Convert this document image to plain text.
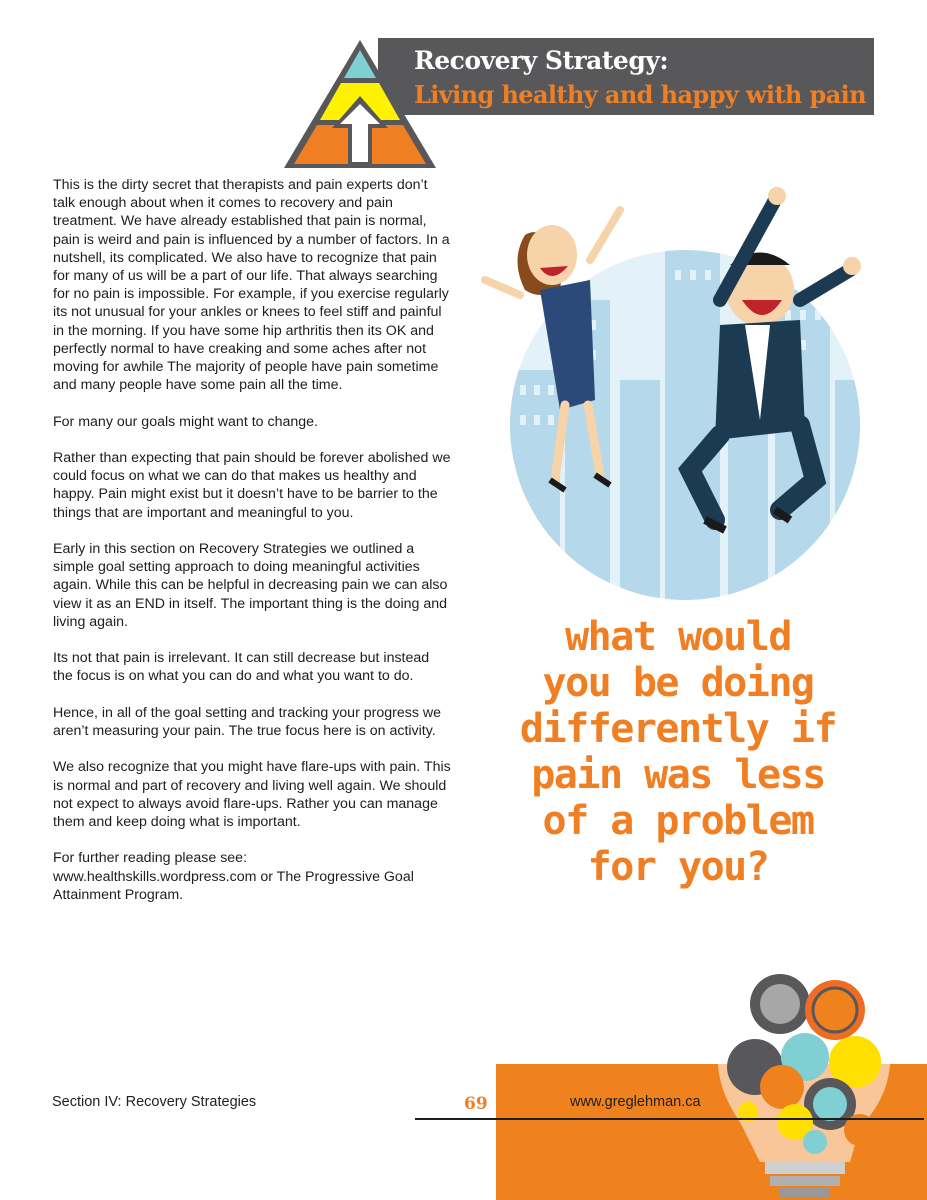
Recovery Strategy:
Living healthy and happy with pain

This is the dirty secret that therapists and pain experts don’t talk enough about when it comes to recovery and pain treatment. We have already established that pain is normal, pain is weird and pain is influenced by a number of factors. In a nutshell, its complicated. We also have to recognize that pain for many of us will be a part of our life. That always searching for no pain is impossible. For example, if you exercise regularly its not unusual for your ankles or knees to feel stiff and painful in the morning. If you have some hip arthritis then its OK and perfectly normal to have creaking and some aches after not moving for awhile The majority of people have pain sometime and many people have some pain all the time.

For many our goals might want to change.

Rather than expecting that pain should be forever abolished we could focus on what we can do that makes us healthy and happy. Pain might exist but it doesn’t have to be barrier to the things that are important and meaningful to you.

Early in this section on Recovery Strategies we outlined a simple goal setting approach to doing meaningful activities again. While this can be helpful in decreasing pain we can also view it as an END in itself. The important thing is the doing and living again.

Its not that pain is irrelevant. It can still decrease but instead the focus is on what you can do and what you want to do.

Hence, in all of the goal setting and tracking your progress we aren’t measuring your pain. The true focus here is on activity.

We also recognize that you might have flare-ups with pain. This is normal and part of recovery and living well again. We should not expect to always avoid flare-ups. Rather you can manage them and keep doing what is important.

For further reading please see: www.healthskills.wordpress.com or The Progressive Goal Attainment Program.

what would
you be doing
differently if
pain was less
of a problem
for you?
Section IV: Recovery Strategies	69	www.greglehman.ca
